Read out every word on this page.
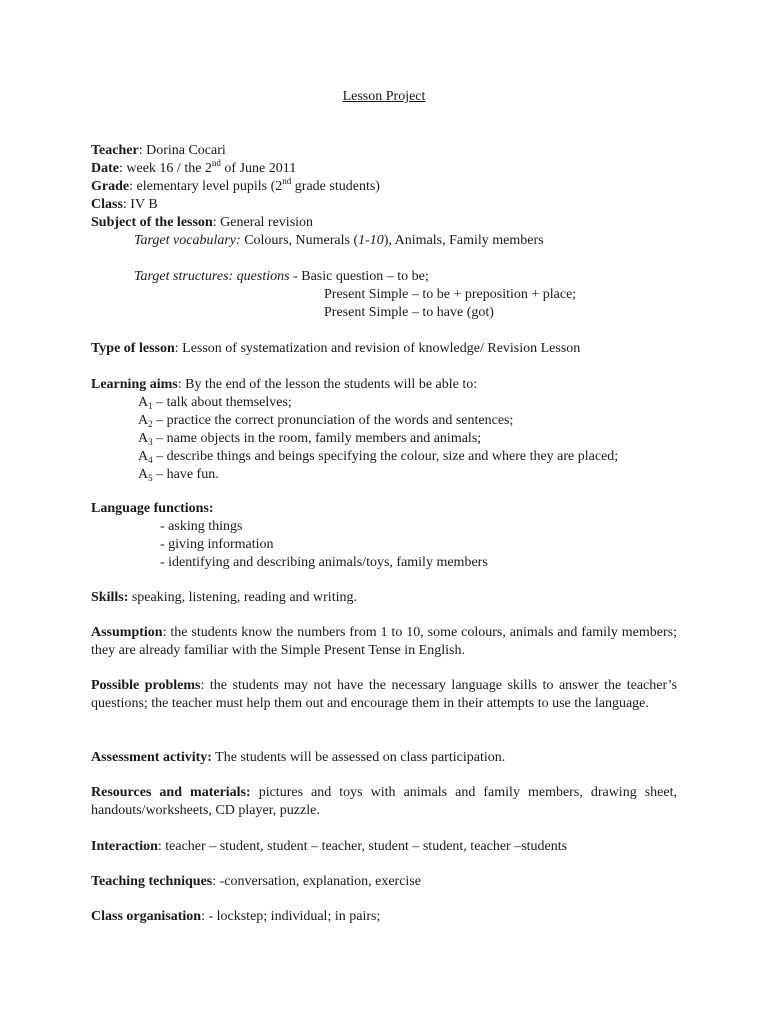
Lesson Project
Teacher: Dorina Cocari
Date: week 16 / the 2nd of June 2011
Grade: elementary level pupils (2nd grade students)
Class: IV B
Subject of the lesson: General revision
Target vocabulary: Colours, Numerals (1-10), Animals, Family members
Target structures: questions - Basic question – to be;
Present Simple – to be + preposition + place;
Present Simple – to have (got)
Type of lesson: Lesson of systematization and revision of knowledge/ Revision Lesson
Learning aims: By the end of the lesson the students will be able to:
$A_1$ – talk about themselves;
$A_2$ – practice the correct pronunciation of the words and sentences;
$A_3$ – name objects in the room, family members and animals;
$A_4$ – describe things and beings specifying the colour, size and where they are placed;
$A_5$ – have fun.
Language functions:
- asking things
- giving information
- identifying and describing animals/toys, family members
Skills: speaking, listening, reading and writing.
Assumption: the students know the numbers from 1 to 10, some colours, animals and family members; they are already familiar with the Simple Present Tense in English.
Possible problems: the students may not have the necessary language skills to answer the teacher’s questions; the teacher must help them out and encourage them in their attempts to use the language.
Assessment activity: The students will be assessed on class participation.
Resources and materials: pictures and toys with animals and family members, drawing sheet, handouts/worksheets, CD player, puzzle.
Interaction: teacher – student, student – teacher, student – student, teacher –students
Teaching techniques: -conversation, explanation, exercise
Class organisation: - lockstep; individual; in pairs;
